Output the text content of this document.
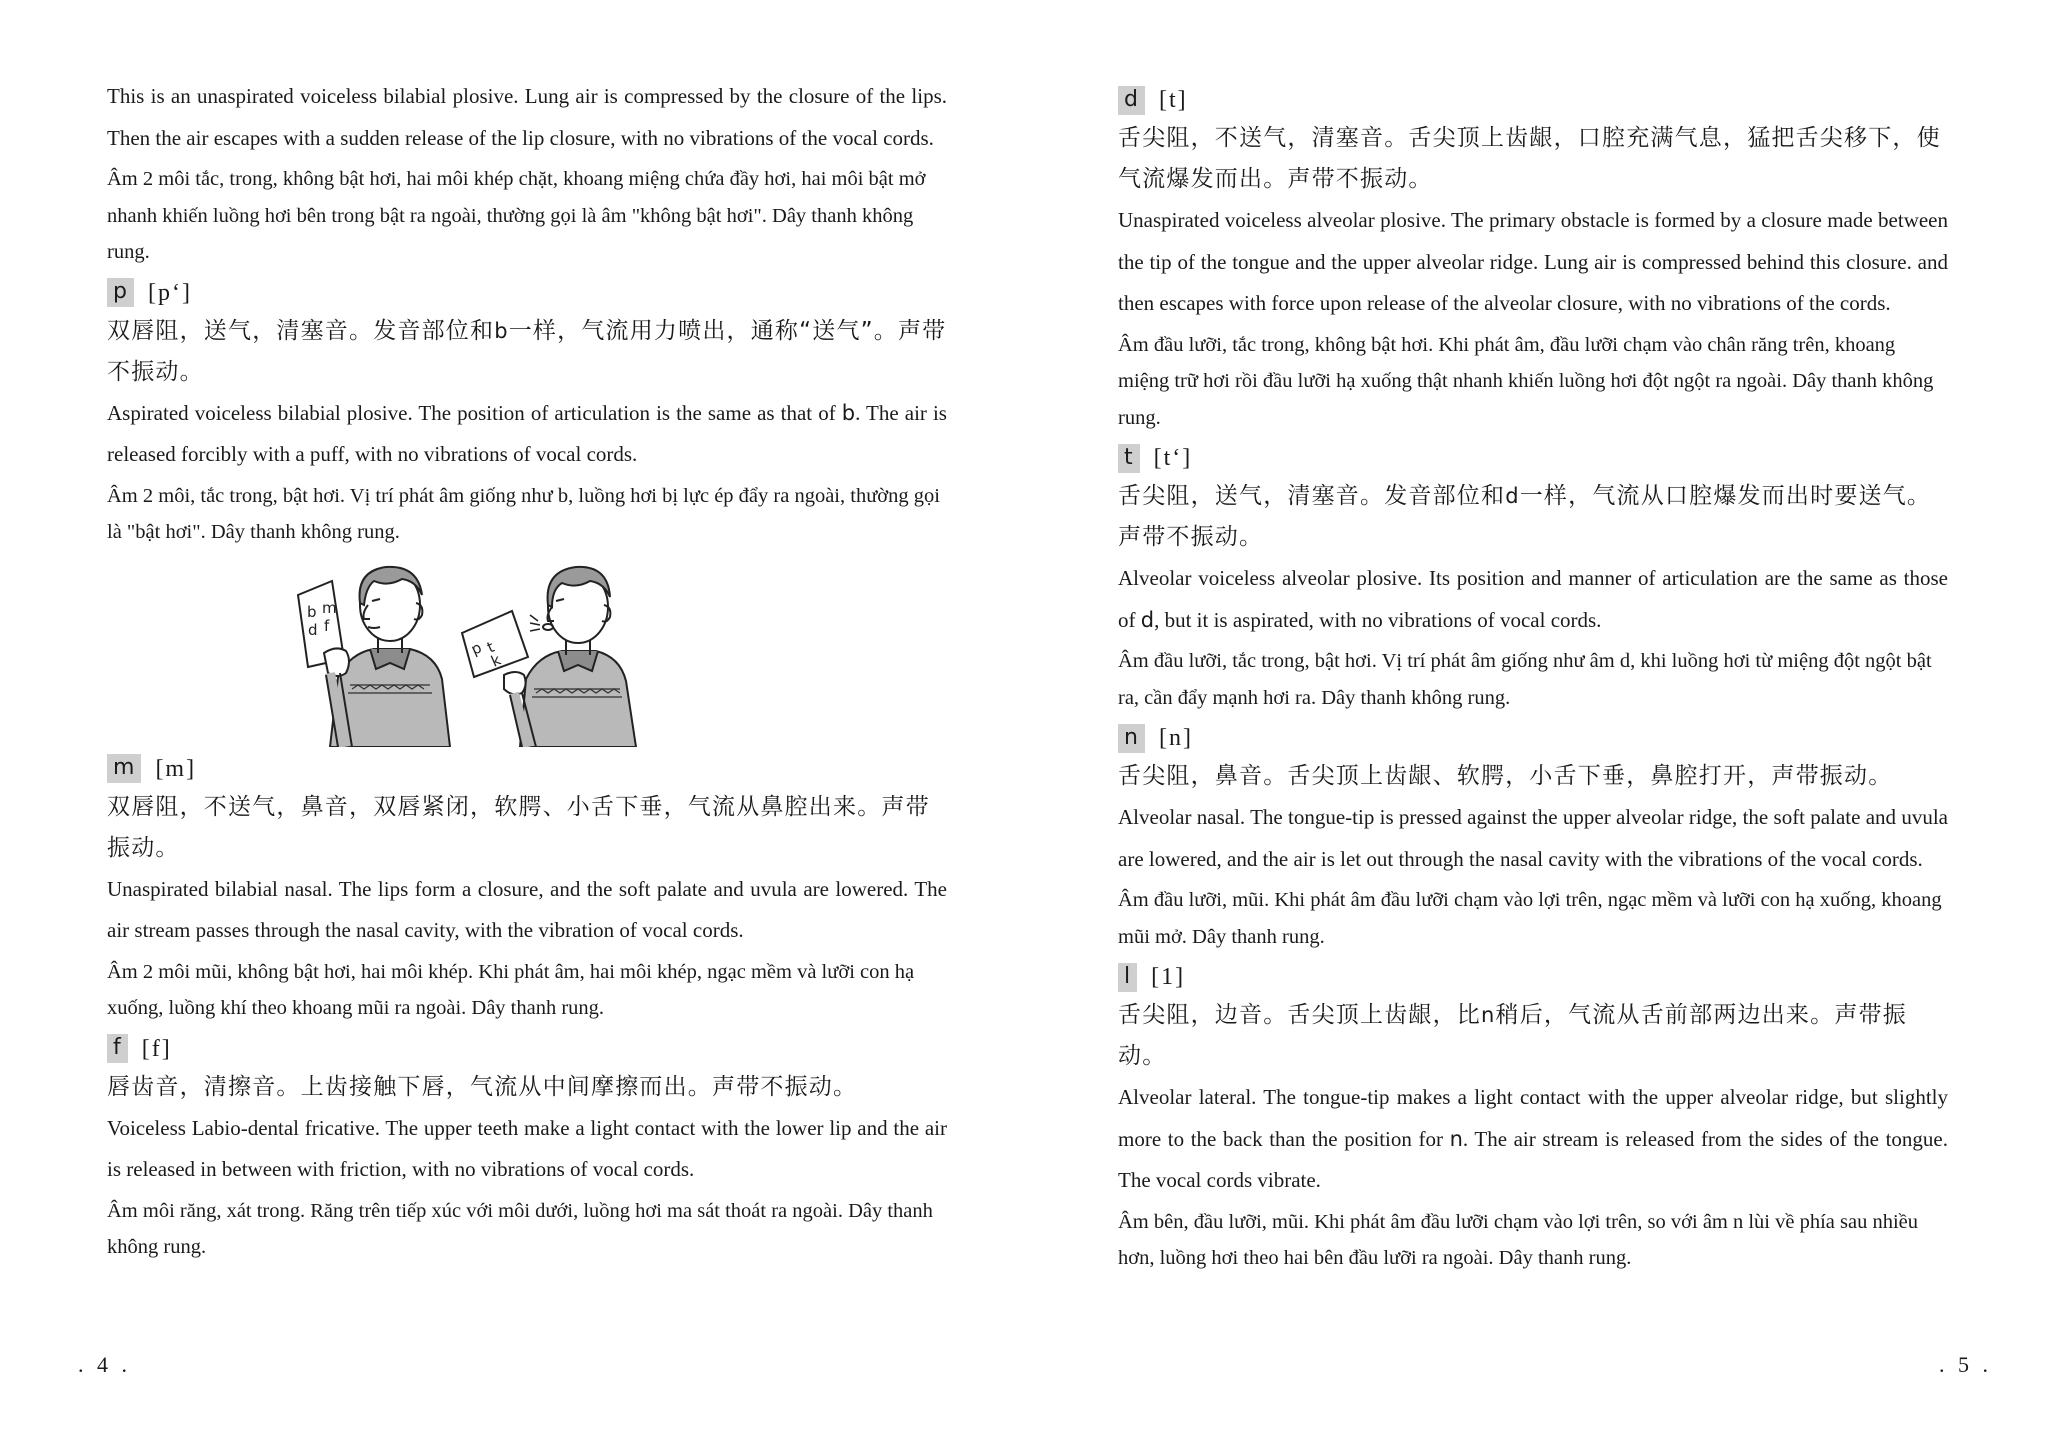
This is an unaspirated voiceless bilabial plosive. Lung air is compressed by the closure of the lips. Then the air escapes with a sudden release of the lip closure, with no vibrations of the vocal cords.

Âm 2 môi tắc, trong, không bật hơi, hai môi khép chặt, khoang miệng chứa đầy hơi, hai môi bật mở nhanh khiến luồng hơi bên trong bật ra ngoài, thường gọi là âm "không bật hơi". Dây thanh không rung.

p [pʻ]

双唇阻，送气，清塞音。发音部位和b一样，气流用力喷出，通称“送气”。声带不振动。

Aspirated voiceless bilabial plosive. The position of articulation is the same as that of b. The air is released forcibly with a puff, with no vibrations of vocal cords.

Âm 2 môi, tắc trong, bật hơi. Vị trí phát âm giống như b, luồng hơi bị lực ép đẩy ra ngoài, thường gọi là "bật hơi". Dây thanh không rung.

b m
d f
p t
k
m [m]

双唇阻，不送气，鼻音，双唇紧闭，软腭、小舌下垂，气流从鼻腔出来。声带振动。

Unaspirated bilabial nasal. The lips form a closure, and the soft palate and uvula are lowered. The air stream passes through the nasal cavity, with the vibration of vocal cords.

Âm 2 môi mũi, không bật hơi, hai môi khép. Khi phát âm, hai môi khép, ngạc mềm và lưỡi con hạ xuống, luồng khí theo khoang mũi ra ngoài. Dây thanh rung.

f [f]

唇齿音，清擦音。上齿接触下唇，气流从中间摩擦而出。声带不振动。

Voiceless Labio-dental fricative. The upper teeth make a light contact with the lower lip and the air is released in between with friction, with no vibrations of vocal cords.

Âm môi răng, xát trong. Răng trên tiếp xúc với môi dưới, luồng hơi ma sát thoát ra ngoài. Dây thanh không rung.

. 4 .
d [t]

舌尖阻，不送气，清塞音。舌尖顶上齿龈，口腔充满气息，猛把舌尖移下，使气流爆发而出。声带不振动。

Unaspirated voiceless alveolar plosive. The primary obstacle is formed by a closure made between the tip of the tongue and the upper alveolar ridge. Lung air is compressed behind this closure. and then escapes with force upon release of the alveolar closure, with no vibrations of the cords.

Âm đầu lưỡi, tắc trong, không bật hơi. Khi phát âm, đầu lưỡi chạm vào chân răng trên, khoang miệng trữ hơi rồi đầu lưỡi hạ xuống thật nhanh khiến luồng hơi đột ngột ra ngoài. Dây thanh không rung.

t [tʻ]

舌尖阻，送气，清塞音。发音部位和d一样，气流从口腔爆发而出时要送气。声带不振动。

Alveolar voiceless alveolar plosive. Its position and manner of articulation are the same as those of d, but it is aspirated, with no vibrations of vocal cords.

Âm đầu lưỡi, tắc trong, bật hơi. Vị trí phát âm giống như âm d, khi luồng hơi từ miệng đột ngột bật ra, cần đẩy mạnh hơi ra. Dây thanh không rung.

n [n]

舌尖阻，鼻音。舌尖顶上齿龈、软腭，小舌下垂，鼻腔打开，声带振动。

Alveolar nasal. The tongue-tip is pressed against the upper alveolar ridge, the soft palate and uvula are lowered, and the air is let out through the nasal cavity with the vibrations of the vocal cords.

Âm đầu lưỡi, mũi. Khi phát âm đầu lưỡi chạm vào lợi trên, ngạc mềm và lưỡi con hạ xuống, khoang mũi mở. Dây thanh rung.

l [1]

舌尖阻，边音。舌尖顶上齿龈，比n稍后，气流从舌前部两边出来。声带振动。

Alveolar lateral. The tongue-tip makes a light contact with the upper alveolar ridge, but slightly more to the back than the position for n. The air stream is released from the sides of the tongue. The vocal cords vibrate.

Âm bên, đầu lưỡi, mũi. Khi phát âm đầu lưỡi chạm vào lợi trên, so với âm n lùi về phía sau nhiều hơn, luồng hơi theo hai bên đầu lưỡi ra ngoài. Dây thanh rung.

. 5 .
